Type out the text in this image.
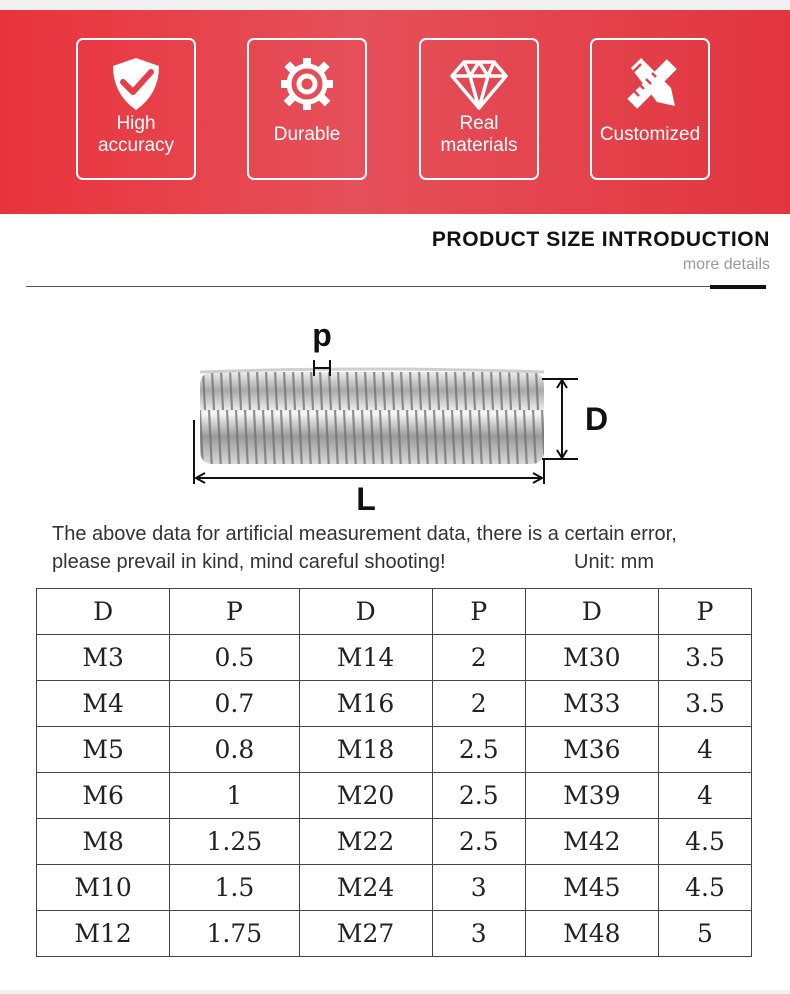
High accuracy
Durable
Real materials
Customized
PRODUCT SIZE INTRODUCTION
more details
p
D
L
The above data for artificial measurement data, there is a certain error,
please prevail in kind, mind careful shooting!	Unit: mm
D	P	D	P	D	P
M3	0.5	M14	2	M30	3.5
M4	0.7	M16	2	M33	3.5
M5	0.8	M18	2.5	M36	4
M6	1	M20	2.5	M39	4
M8	1.25	M22	2.5	M42	4.5
M10	1.5	M24	3	M45	4.5
M12	1.75	M27	3	M48	5
